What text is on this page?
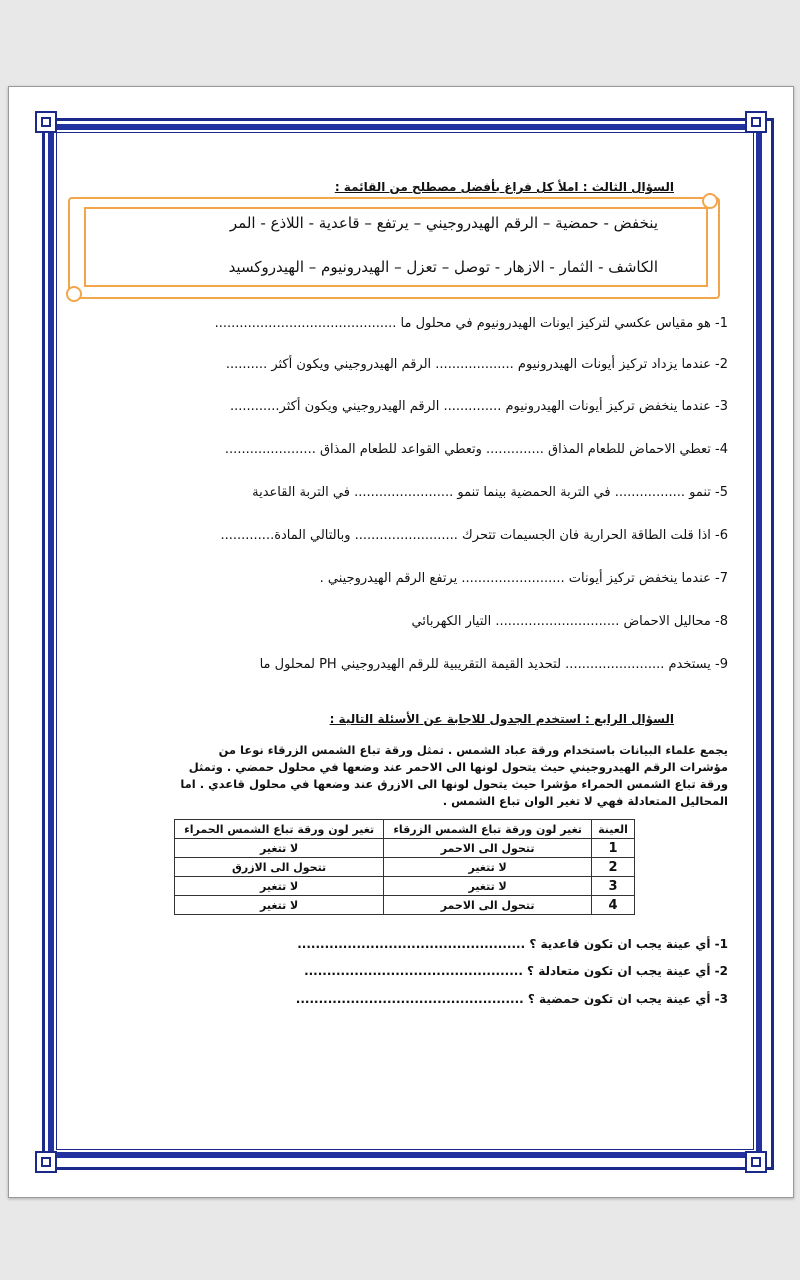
السؤال الثالث : املأ كل فراغ بأفضل مصطلح من القائمة :
ينخفض - حمضية – الرقم الهيدروجيني – يرتفع – قاعدية - اللاذع - المر
الكاشف - الثمار - الازهار - توصل – تعزل – الهيدرونيوم – الهيدروكسيد
1- هو مقياس عكسي لتركيز ايونات الهيدرونيوم في محلول ما ............................................
2- عندما يزداد تركيز أيونات الهيدرونيوم ................... الرقم الهيدروجيني ويكون أكثر ..........
3- عندما ينخفض تركيز أيونات الهيدرونيوم .............. الرقم الهيدروجيني ويكون أكثر............
4- تعطي الاحماض للطعام المذاق .............. وتعطي القواعد للطعام المذاق ......................
5- تنمو ................. في التربة الحمضية بينما تنمو ........................ في التربة القاعدية
6- اذا قلت الطاقة الحرارية فان الجسيمات تتحرك ......................... وبالتالي المادة.............
7- عندما ينخفض تركيز أيونات ......................... يرتفع الرقم الهيدروجيني .
8- محاليل الاحماض .............................. التيار الكهربائي
9- يستخدم ........................ لتحديد القيمة التقريبية للرقم الهيدروجيني PH لمحلول ما
السؤال الرابع : استخدم الجدول للاجابة عن الأسئلة التالية :
يجمع علماء البيانات باستخدام ورقة عباد الشمس . تمثل ورقة تباع الشمس الزرقاء نوعا من مؤشرات الرقم الهيدروجيني حيث يتحول لونها الى الاحمر عند وضعها في محلول حمضي . وتمثل ورقة تباع الشمس الحمراء مؤشرا حيث يتحول لونها الى الازرق عند وضعها في محلول قاعدي . اما المحاليل المتعادلة فهي لا تغير الوان تباع الشمس .
العينة	تغير لون ورقة تباع الشمس الزرقاء	تغير لون ورقة تباع الشمس الحمراء
1	تتحول الى الاحمر	لا تتغير
2	لا تتغير	تتحول الى الازرق
3	لا تتغير	لا تتغير
4	تتحول الى الاحمر	لا تتغير
1- أي عينة يجب ان تكون قاعدية ؟ ..................................................
2- أي عينة يجب ان تكون متعادلة ؟ ................................................
3- أي عينة يجب ان تكون حمضية ؟ ..................................................
